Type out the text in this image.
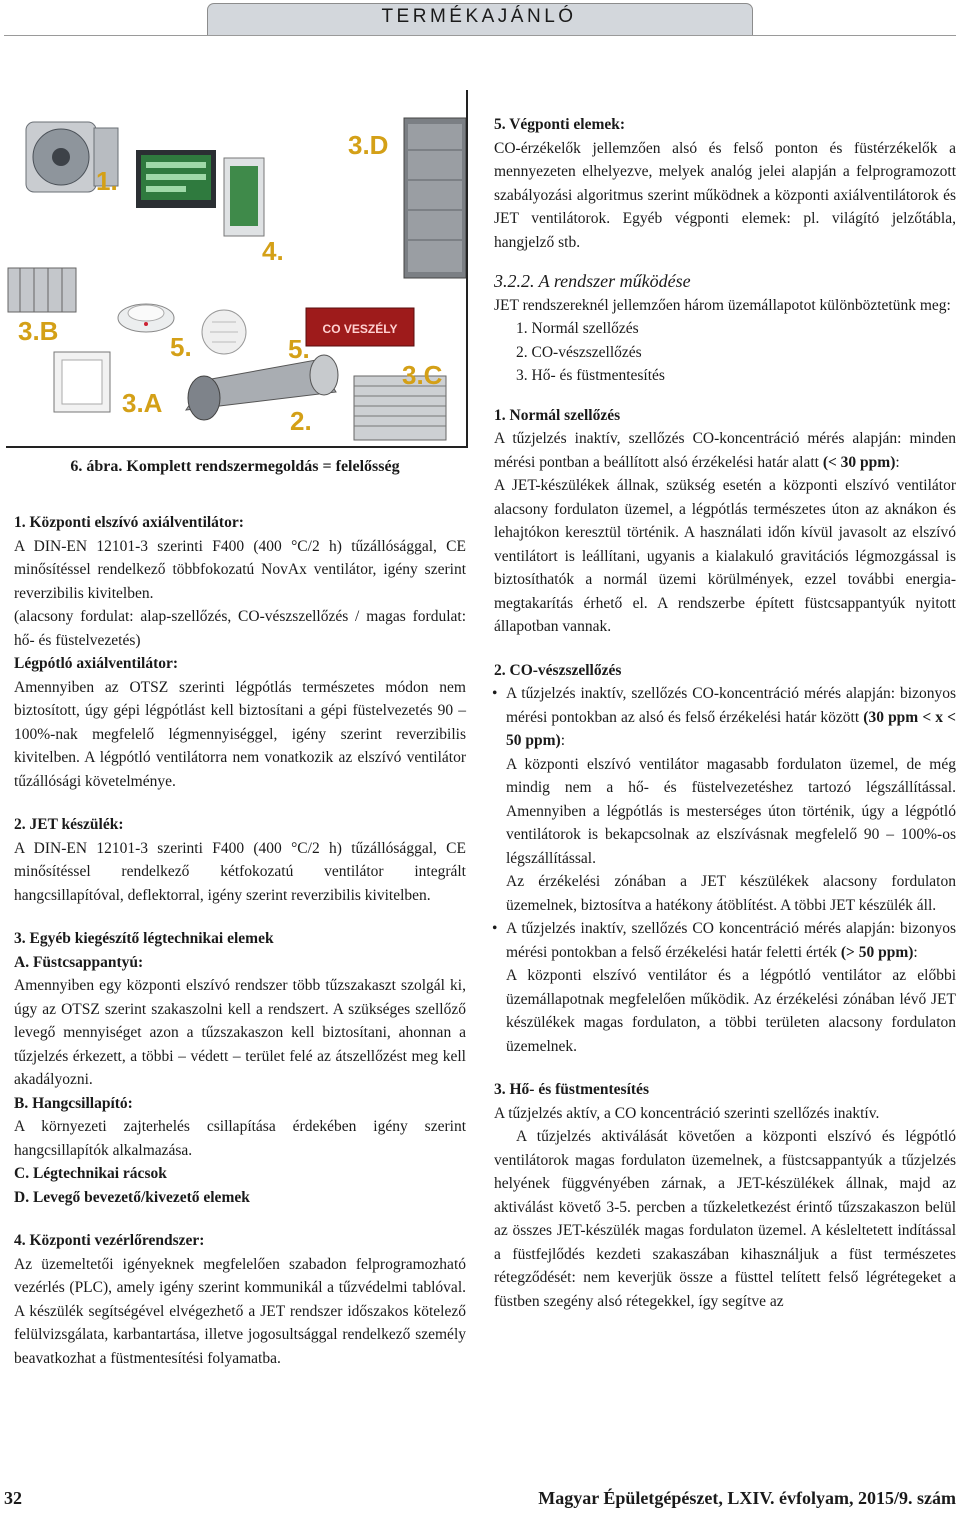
TERMÉKAJÁNLÓ
CO VESZÉLY
1.
3.D
4.
3.B
5.	5.
3.C
3.A
2.
6. ábra. Komplett rendszermegoldás = felelősség

1. Központi elszívó axiálventilátor:

A DIN-EN 12101-3 szerinti F400 (400 °C/2 h) tűzállósággal, CE minősítéssel rendelkező többfokozatú NovAx ventilátor, igény szerint reverzibilis kivitelben.

(alacsony fordulat: alap-szellőzés, CO-vészszellőzés / magas fordulat: hő- és füstelvezetés)

Légpótló axiálventilátor:

Amennyiben az OTSZ szerinti légpótlás természetes módon nem biztosított, úgy gépi légpótlást kell biztosítani a gépi füstelvezetés 90 – 100%-nak megfelelő légmennyiséggel, igény szerint reverzibilis kivitelben. A légpótló ventilátorra nem vonatkozik az elszívó ventilátor tűzállósági követelménye.

2. JET készülék:

A DIN-EN 12101-3 szerinti F400 (400 °C/2 h) tűzállósággal, CE minősítéssel rendelkező kétfokozatú ventilátor integrált hangcsillapítóval, deflektorral, igény szerint reverzibilis kivitelben.

3. Egyéb kiegészítő légtechnikai elemek

A. Füstcsappantyú:

Amennyiben egy központi elszívó rendszer több tűzszakaszt szolgál ki, úgy az OTSZ szerint szakaszolni kell a rendszert. A szükséges szellőző levegő mennyiséget azon a tűzszakaszon kell biztosítani, ahonnan a tűzjelzés érkezett, a többi – védett – terület felé az átszellőzést meg kell akadályozni.

B. Hangcsillapító:

A környezeti zajterhelés csillapítása érdekében igény szerint hangcsillapítók alkalmazása.

C. Légtechnikai rácsok

D. Levegő bevezető/kivezető elemek

4. Központi vezérlőrendszer:

Az üzemeltetői igényeknek megfelelően szabadon felprogramozható vezérlés (PLC), amely igény szerint kommunikál a tűzvédelmi tablóval. A készülék segítségével elvégezhető a JET rendszer időszakos kötelező felülvizsgálata, karbantartása, illetve jogosultsággal rendelkező személy beavatkozhat a füstmentesítési folyamatba.

5. Végponti elemek:

CO-érzékelők jellemzően alsó és felső ponton és füstérzékelők a mennyezeten elhelyezve, melyek analóg jelei alapján a felprogramozott szabályozási algoritmus szerint működnek a központi axiálventilátorok és JET ventilátorok. Egyéb végponti elemek: pl. világító jelzőtábla, hangjelző stb.

3.2.2. A rendszer működése

JET rendszereknél jellemzően három üzemállapotot különböztetünk meg:

1. Normál szellőzés

2. CO-vészszellőzés

3. Hő- és füstmentesítés

1. Normál szellőzés

A tűzjelzés inaktív, szellőzés CO-koncentráció mérés alapján: minden mérési pontban a beállított alsó érzékelési határ alatt (< 30 ppm):

A JET-készülékek állnak, szükség esetén a központi elszívó ventilátor alacsony fordulaton üzemel, a légpótlás természetes úton az aknákon és lehajtókon keresztül történik. A használati időn kívül javasolt az elszívó ventilátort is leállítani, ugyanis a kialakuló gravitációs légmozgással is biztosíthatók a normál üzemi körülmények, ezzel további energia-megtakarítás érhető el. A rendszerbe épített füstcsappantyúk nyitott állapotban vannak.

2. CO-vészszellőzés

• A tűzjelzés inaktív, szellőzés CO-koncentráció mérés alapján: bizonyos mérési pontokban az alsó és felső érzékelési határ között (30 ppm < x < 50 ppm):

A központi elszívó ventilátor magasabb fordulaton üzemel, de még mindig nem a hő- és füstelvezetéshez tartozó légszállítással. Amennyiben a légpótlás is mesterséges úton történik, úgy a légpótló ventilátorok is bekapcsolnak az elszívásnak megfelelő 90 – 100%-os légszállítással.

Az érzékelési zónában a JET készülékek alacsony fordulaton üzemelnek, biztosítva a hatékony átöblítést. A többi JET készülék áll.

• A tűzjelzés inaktív, szellőzés CO koncentráció mérés alapján: bizonyos mérési pontokban a felső érzékelési határ feletti érték (> 50 ppm):

A központi elszívó ventilátor és a légpótló ventilátor az előbbi üzemállapotnak megfelelően működik. Az érzékelési zónában lévő JET készülékek magas fordulaton, a többi területen alacsony fordulaton üzemelnek.

3. Hő- és füstmentesítés

A tűzjelzés aktív, a CO koncentráció szerinti szellőzés inaktív.

A tűzjelzés aktiválását követően a központi elszívó és légpótló ventilátorok magas fordulaton üzemelnek, a füstcsappantyúk a tűzjelzés helyének függvényében zárnak, a JET-készülékek állnak, majd az aktiválást követő 3-5. percben a tűzkeletkezést érintő tűzszakaszon belül az összes JET-készülék magas fordulaton üzemel. A késleltetett indítással a füstfejlődés kezdeti szakaszában kihasználjuk a füst természetes rétegződését: nem keverjük össze a füsttel telített felső légrétegeket a füstben szegény alsó rétegekkel, így segítve az

32	Magyar Épületgépészet, LXIV. évfolyam, 2015/9. szám
